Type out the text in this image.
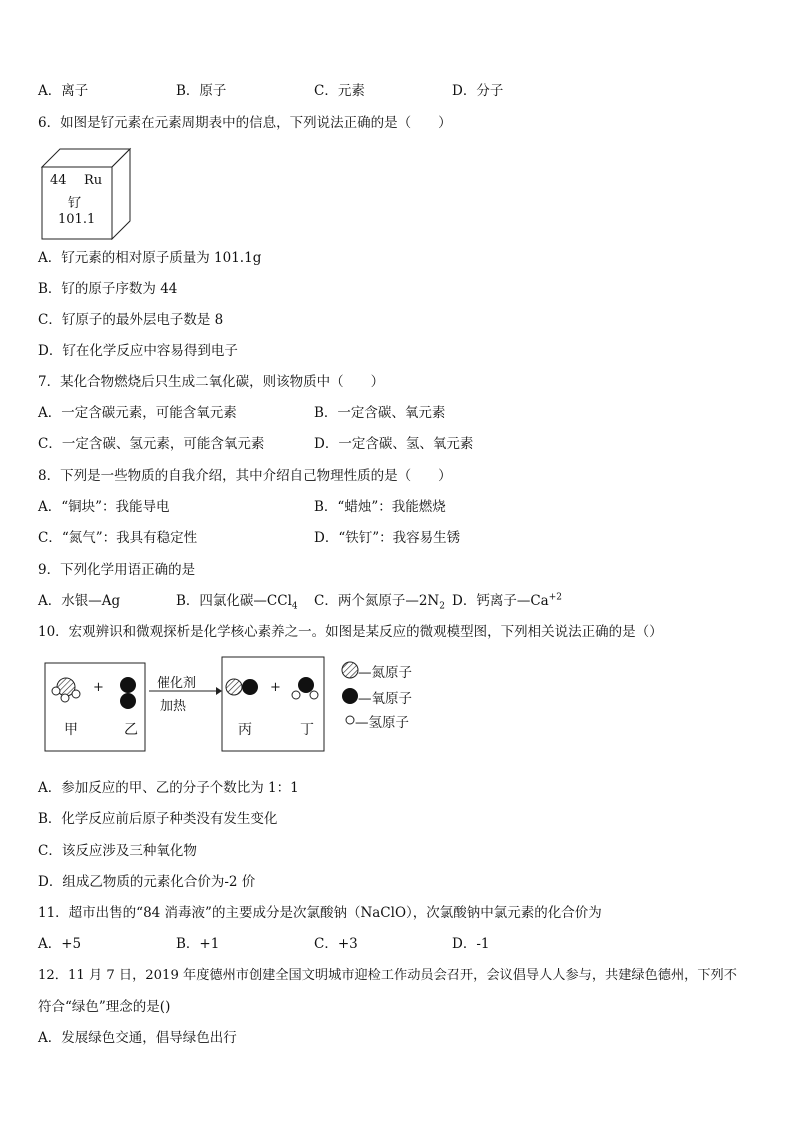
A．离子	B．原子	C．元素	D．分子
6．如图是钌元素在元素周期表中的信息，下列说法正确的是（　　）
44 Ru
钌
101.1
A．钌元素的相对原子质量为 101.1g
B．钌的原子序数为 44
C．钌原子的最外层电子数是 8
D．钌在化学反应中容易得到电子
7．某化合物燃烧后只生成二氧化碳，则该物质中（　　）
A．一定含碳元素，可能含氧元素	B．一定含碳、氧元素
C．一定含碳、氢元素，可能含氧元素	D．一定含碳、氢、氧元素
8．下列是一些物质的自我介绍，其中介绍自己物理性质的是（　　）
A．“铜块”：我能导电	B．“蜡烛”：我能燃烧
C．“氮气”：我具有稳定性	D．“铁钉”：我容易生锈
9．下列化学用语正确的是
A．水银—Ag	B．四氯化碳—CCl$_4$ C．两个氮原子$—2N_2$ D．钙离子$—Ca^{+2}$
10．宏观辨识和微观探析是化学核心素养之一。如图是某反应的微观模型图，下列相关说法正确的是（）
+
甲	乙
催化剂
加热
+
丙	丁
—氮原子
—氧原子
—氢原子
A．参加反应的甲、乙的分子个数比为 1：1
B．化学反应前后原子种类没有发生变化
C．该反应涉及三种氧化物
D．组成乙物质的元素化合价为-2 价
11．超市出售的“84 消毒液”的主要成分是次氯酸钠（NaClO），次氯酸钠中氯元素的化合价为
A．+5	B．+1	C．+3	D．-1
12．11 月 7 日，2019 年度德州市创建全国文明城市迎检工作动员会召开，会议倡导人人参与，共建绿色德州，下列不
符合“绿色”理念的是()
A．发展绿色交通，倡导绿色出行
